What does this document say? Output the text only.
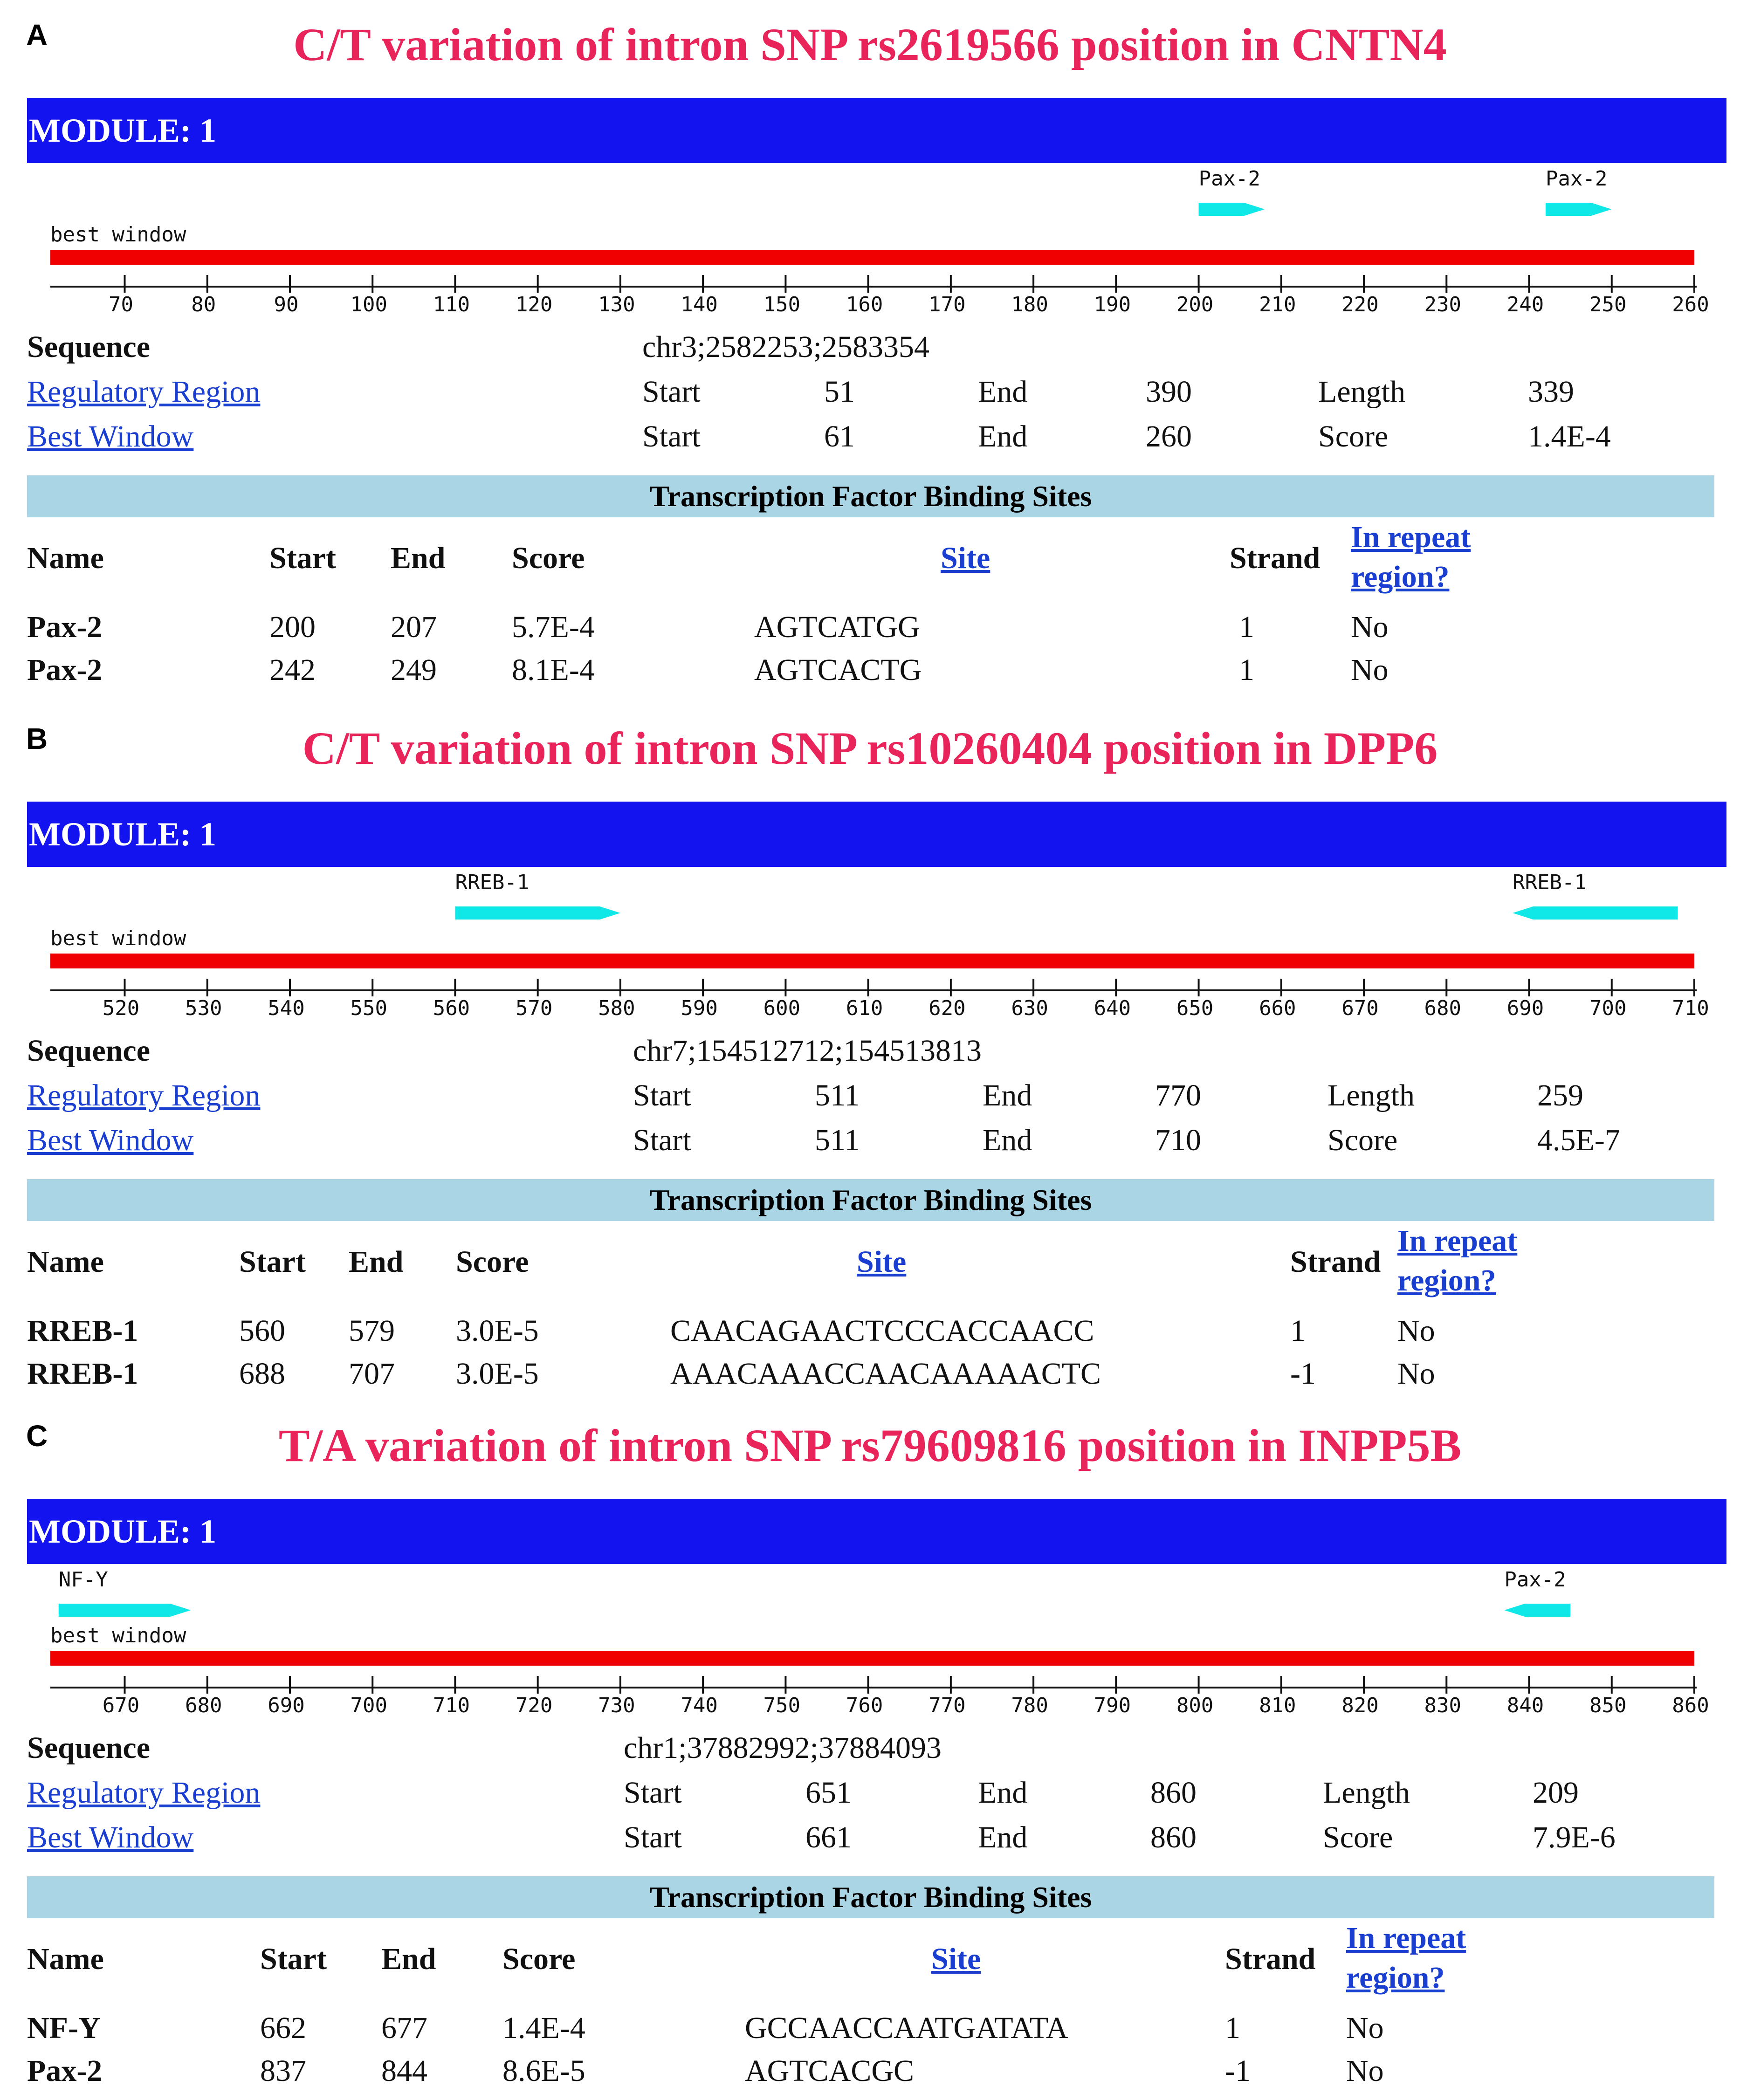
A	C/T variation of intron SNP rs2619566 position in CNTN4
MODULE: 1
best window
70	80	90	100 110 120 130 140 150 160 170 180 190 200 210 220 230 240 250 260
Pax-2	Pax-2
Sequence	chr3;2582253;2583354
Regulatory Region	Start	51	End	390	Length	339
Best Window	Start	61	End	260	Score	1.4E-4
Transcription Factor Binding Sites
Name	Start End Score	Site	Strand
In repeat
region?
Pax-2	200 207 5.7E-4	AGTCATGG	1	No
Pax-2	242 249 8.1E-4	AGTCACTG	1	No
B	C/T variation of intron SNP rs10260404 position in DPP6
MODULE: 1
best window
520 530 540 550 560 570 580 590 600 610 620 630 640 650 660 670 680 690 700 710
RREB-1	RREB-1
Sequence	chr7;154512712;154513813
Regulatory Region	Start	511	End	770	Length	259
Best Window	Start	511	End	710	Score	4.5E-7
Transcription Factor Binding Sites
Name	Start End Score	Site	Strand
In repeat
region?
RREB-1	560 579 3.0E-5	CAACAGAACTCCCACCAACC	1	No
RREB-1	688 707 3.0E-5	AAACAAACCAACAAAAACTC	-1	No
C	T/A variation of intron SNP rs79609816 position in INPP5B
MODULE: 1
best window
670 680 690 700 710 720 730 740 750 760 770 780 790 800 810 820 830 840 850 860
NF-Y	Pax-2
Sequence	chr1;37882992;37884093
Regulatory Region	Start	651	End	860	Length	209
Best Window	Start	661	End	860	Score	7.9E-6
Transcription Factor Binding Sites
Name	Start End Score	Site	Strand
In repeat
region?
NF-Y	662 677 1.4E-4	GCCAACCAATGATATA	1	No
Pax-2	837 844 8.6E-5	AGTCACGC	-1	No
